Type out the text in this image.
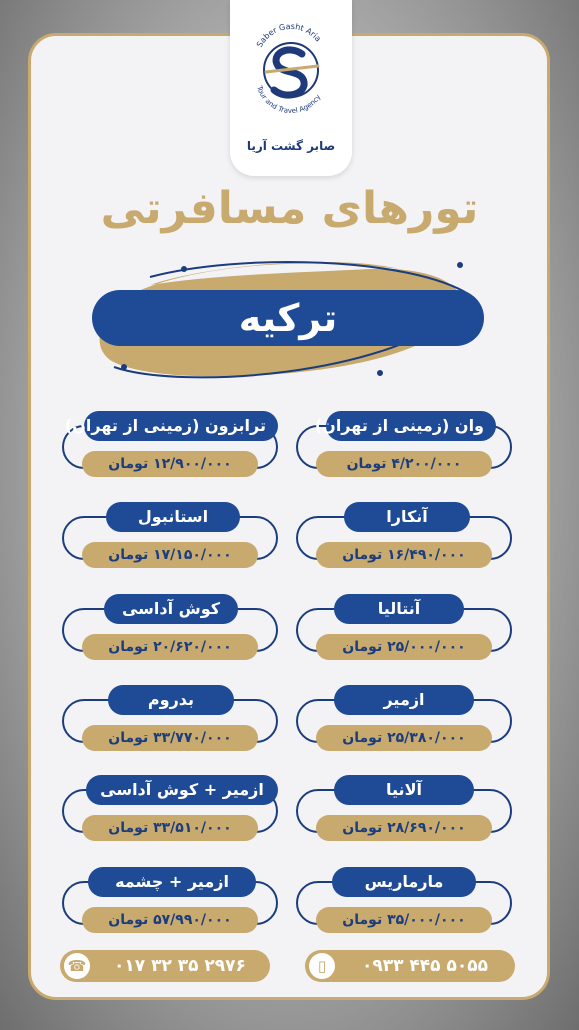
Saber Gasht Aria
Tour and Travel Agency
صابر گشت آریا
تورهای مسافرتی
ترکیه
وان (زمینی از تهران)
۴/۲۰۰/۰۰۰ تومان
ترابزون (زمینی از تهران)
۱۲/۹۰۰/۰۰۰ تومان
آنکارا
۱۶/۴۹۰/۰۰۰ تومان
استانبول
۱۷/۱۵۰/۰۰۰ تومان
آنتالیا
۲۵/۰۰۰/۰۰۰ تومان
کوش آداسی
۲۰/۶۲۰/۰۰۰ تومان
ازمیر
۲۵/۳۸۰/۰۰۰ تومان
بدروم
۳۳/۷۷۰/۰۰۰ تومان
آلانیا
۲۸/۶۹۰/۰۰۰ تومان
ازمیر + کوش آداسی
۳۳/۵۱۰/۰۰۰ تومان
مارماریس
۳۵/۰۰۰/۰۰۰ تومان
ازمیر + چشمه
۵۷/۹۹۰/۰۰۰ تومان
☎	۰۱۷ ۳۲ ۳۵ ۲۹۷۶	▯	۰۹۳۳ ۴۴۵ ۵۰۵۵
